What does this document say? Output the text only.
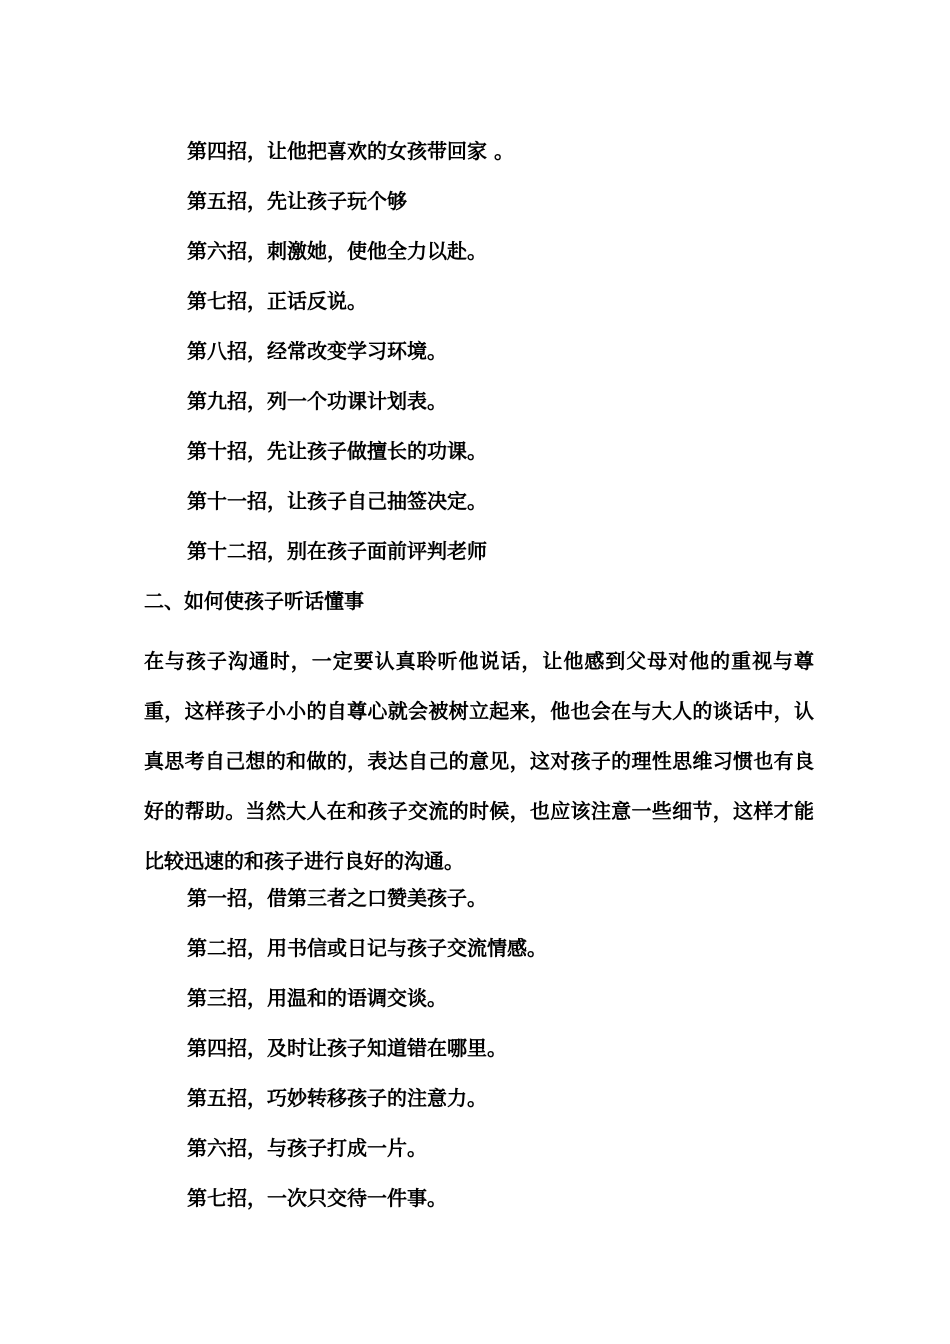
第四招，让他把喜欢的女孩带回家 。
第五招，先让孩子玩个够
第六招，刺激她，使他全力以赴。
第七招，正话反说。
第八招，经常改变学习环境。
第九招，列一个功课计划表。
第十招，先让孩子做擅长的功课。
第十一招，让孩子自己抽签决定。
第十二招，别在孩子面前评判老师
二、如何使孩子听话懂事
在与孩子沟通时，一定要认真聆听他说话，让他感到父母对他的重视与尊重，这样孩子小小的自尊心就会被树立起来，他也会在与大人的谈话中，认真思考自己想的和做的，表达自己的意见，这对孩子的理性思维习惯也有良好的帮助。当然大人在和孩子交流的时候，也应该注意一些细节，这样才能比较迅速的和孩子进行良好的沟通。
第一招，借第三者之口赞美孩子。
第二招，用书信或日记与孩子交流情感。
第三招，用温和的语调交谈。
第四招，及时让孩子知道错在哪里。
第五招，巧妙转移孩子的注意力。
第六招，与孩子打成一片。
第七招，一次只交待一件事。
